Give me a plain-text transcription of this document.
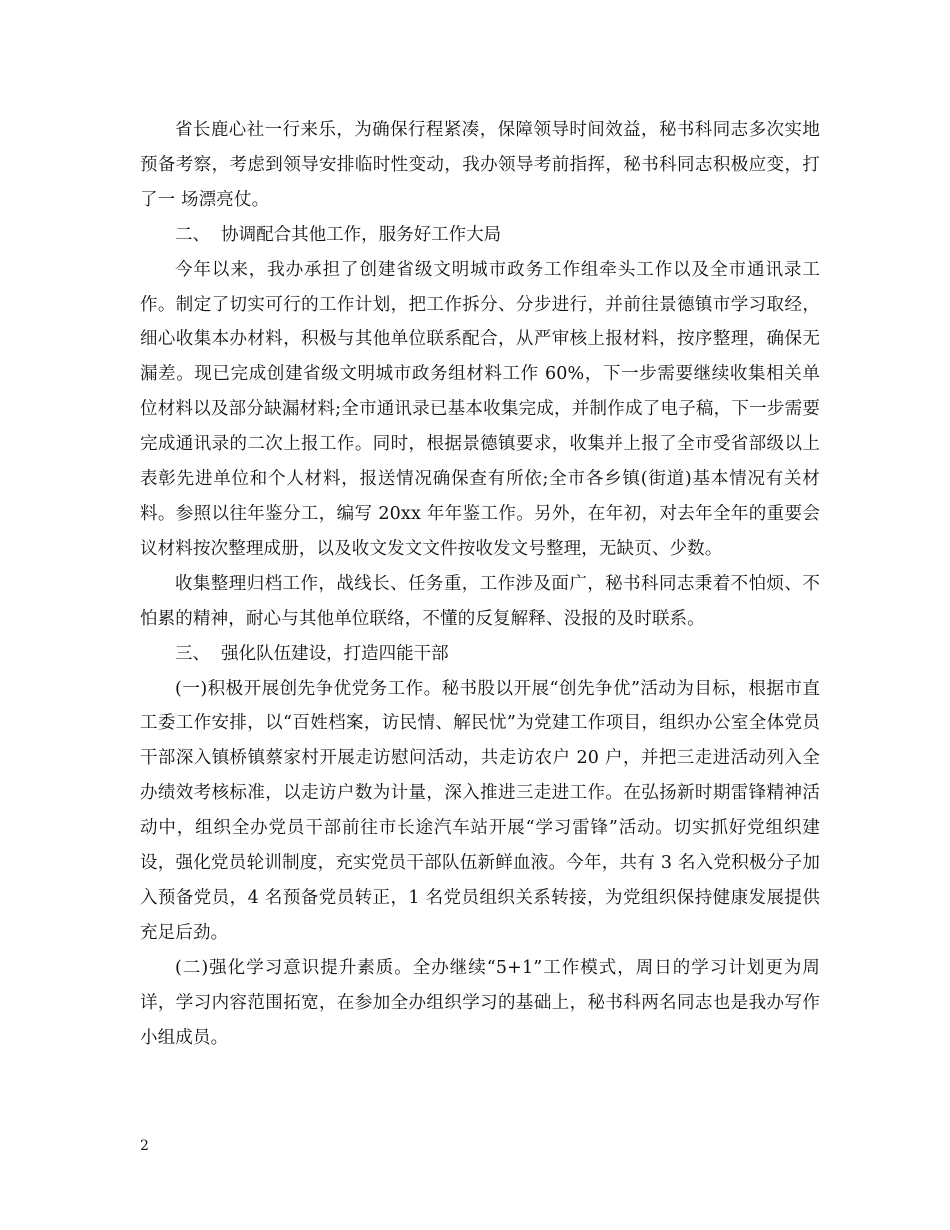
省长鹿心社一行来乐，为确保行程紧凑，保障领导时间效益，秘书科同志多次实地预备考察，考虑到领导安排临时性变动，我办领导考前指挥，秘书科同志积极应变，打了一 场漂亮仗。

二、  协调配合其他工作，服务好工作大局

今年以来，我办承担了创建省级文明城市政务工作组牵头工作以及全市通讯录工作。制定了切实可行的工作计划，把工作拆分、分步进行，并前往景德镇市学习取经，细心收集本办材料，积极与其他单位联系配合，从严审核上报材料，按序整理，确保无漏差。现已完成创建省级文明城市政务组材料工作 60%，下一步需要继续收集相关单位材料以及部分缺漏材料;全市通讯录已基本收集完成，并制作成了电子稿，下一步需要完成通讯录的二次上报工作。同时，根据景德镇要求，收集并上报了全市受省部级以上表彰先进单位和个人材料，报送情况确保查有所依;全市各乡镇(街道)基本情况有关材料。参照以往年鉴分工，编写 20xx 年年鉴工作。另外，在年初，对去年全年的重要会议材料按次整理成册，以及收文发文文件按收发文号整理，无缺页、少数。

收集整理归档工作，战线长、任务重，工作涉及面广，秘书科同志秉着不怕烦、不怕累的精神，耐心与其他单位联络，不懂的反复解释、没报的及时联系。

三、  强化队伍建设，打造四能干部

(一)积极开展创先争优党务工作。秘书股以开展“创先争优”活动为目标，根据市直工委工作安排，以“百姓档案，访民情、解民忧”为党建工作项目，组织办公室全体党员干部深入镇桥镇蔡家村开展走访慰问活动，共走访农户 20 户，并把三走进活动列入全办绩效考核标准，以走访户数为计量，深入推进三走进工作。在弘扬新时期雷锋精神活动中，组织全办党员干部前往市长途汽车站开展“学习雷锋”活动。切实抓好党组织建设，强化党员轮训制度，充实党员干部队伍新鲜血液。今年，共有 3 名入党积极分子加入预备党员，4 名预备党员转正，1 名党员组织关系转接，为党组织保持健康发展提供充足后劲。

(二)强化学习意识提升素质。全办继续“5+1”工作模式，周日的学习计划更为周详，学习内容范围拓宽，在参加全办组织学习的基础上，秘书科两名同志也是我办写作小组成员。

2
